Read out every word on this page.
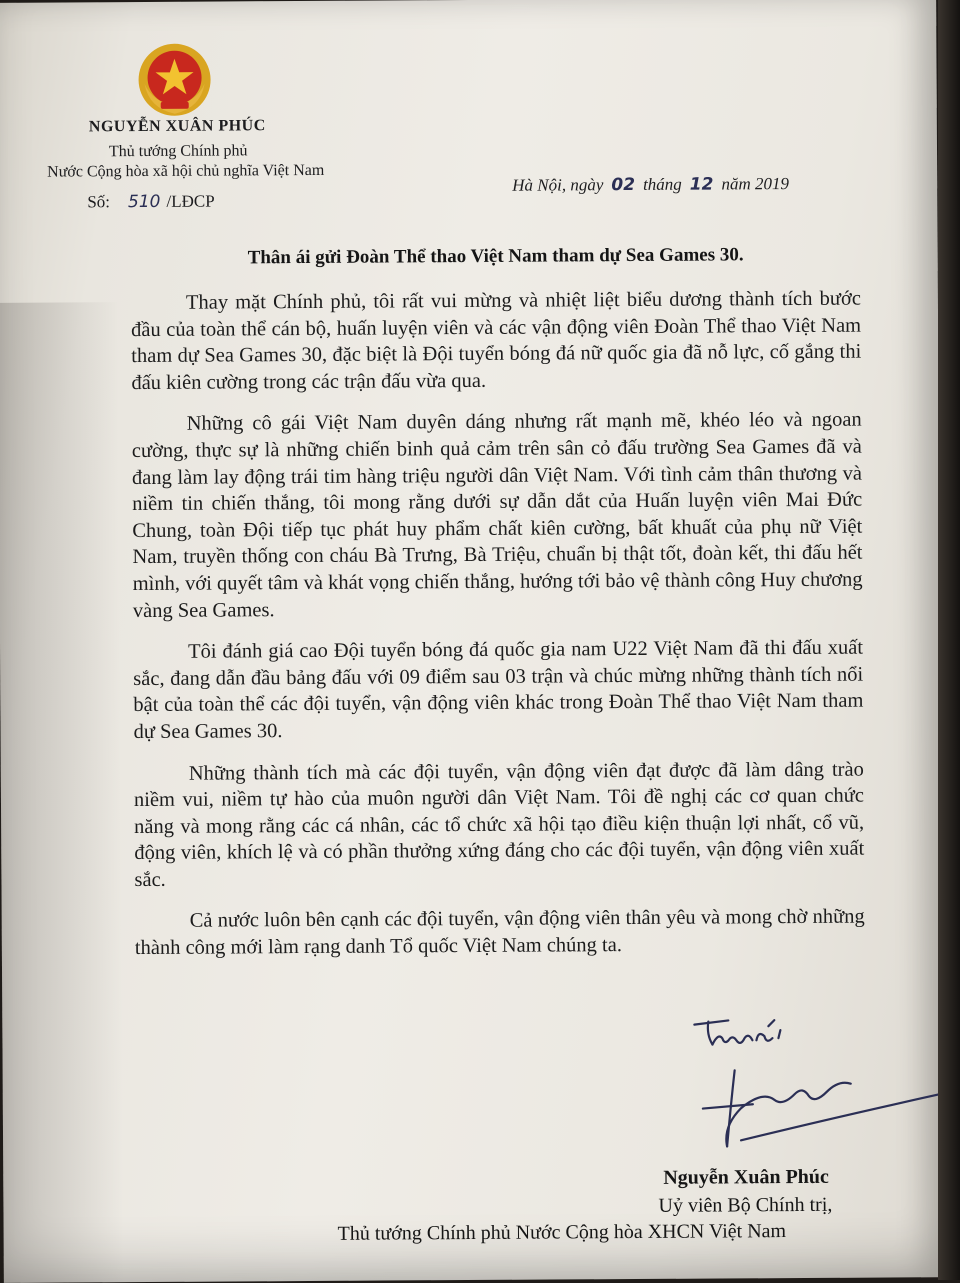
NGUYỄN XUÂN PHÚC
Thủ tướng Chính phủ
Nước Cộng hòa xã hội chủ nghĩa Việt Nam
Số: 510 /LĐCP
Hà Nội, ngày 02 tháng 12 năm 2019
Thân ái gửi Đoàn Thể thao Việt Nam tham dự Sea Games 30.

Thay mặt Chính phủ, tôi rất vui mừng và nhiệt liệt biểu dương thành tích bước đầu của toàn thể cán bộ, huấn luyện viên và các vận động viên Đoàn Thể thao Việt Nam tham dự Sea Games 30, đặc biệt là Đội tuyển bóng đá nữ quốc gia đã nỗ lực, cố gắng thi đấu kiên cường trong các trận đấu vừa qua.

Những cô gái Việt Nam duyên dáng nhưng rất mạnh mẽ, khéo léo và ngoan cường, thực sự là những chiến binh quả cảm trên sân cỏ đấu trường Sea Games đã và đang làm lay động trái tim hàng triệu người dân Việt Nam. Với tình cảm thân thương và niềm tin chiến thắng, tôi mong rằng dưới sự dẫn dắt của Huấn luyện viên Mai Đức Chung, toàn Đội tiếp tục phát huy phẩm chất kiên cường, bất khuất của phụ nữ Việt Nam, truyền thống con cháu Bà Trưng, Bà Triệu, chuẩn bị thật tốt, đoàn kết, thi đấu hết mình, với quyết tâm và khát vọng chiến thắng, hướng tới bảo vệ thành công Huy chương vàng Sea Games.

Tôi đánh giá cao Đội tuyển bóng đá quốc gia nam U22 Việt Nam đã thi đấu xuất sắc, đang dẫn đầu bảng đấu với 09 điểm sau 03 trận và chúc mừng những thành tích nổi bật của toàn thể các đội tuyển, vận động viên khác trong Đoàn Thể thao Việt Nam tham dự Sea Games 30.

Những thành tích mà các đội tuyển, vận động viên đạt được đã làm dâng trào niềm vui, niềm tự hào của muôn người dân Việt Nam. Tôi đề nghị các cơ quan chức năng và mong rằng các cá nhân, các tổ chức xã hội tạo điều kiện thuận lợi nhất, cổ vũ, động viên, khích lệ và có phần thưởng xứng đáng cho các đội tuyển, vận động viên xuất sắc.

Cả nước luôn bên cạnh các đội tuyển, vận động viên thân yêu và mong chờ những thành công mới làm rạng danh Tổ quốc Việt Nam chúng ta.

Nguyễn Xuân Phúc
Uỷ viên Bộ Chính trị,
Thủ tướng Chính phủ Nước Cộng hòa XHCN Việt Nam
